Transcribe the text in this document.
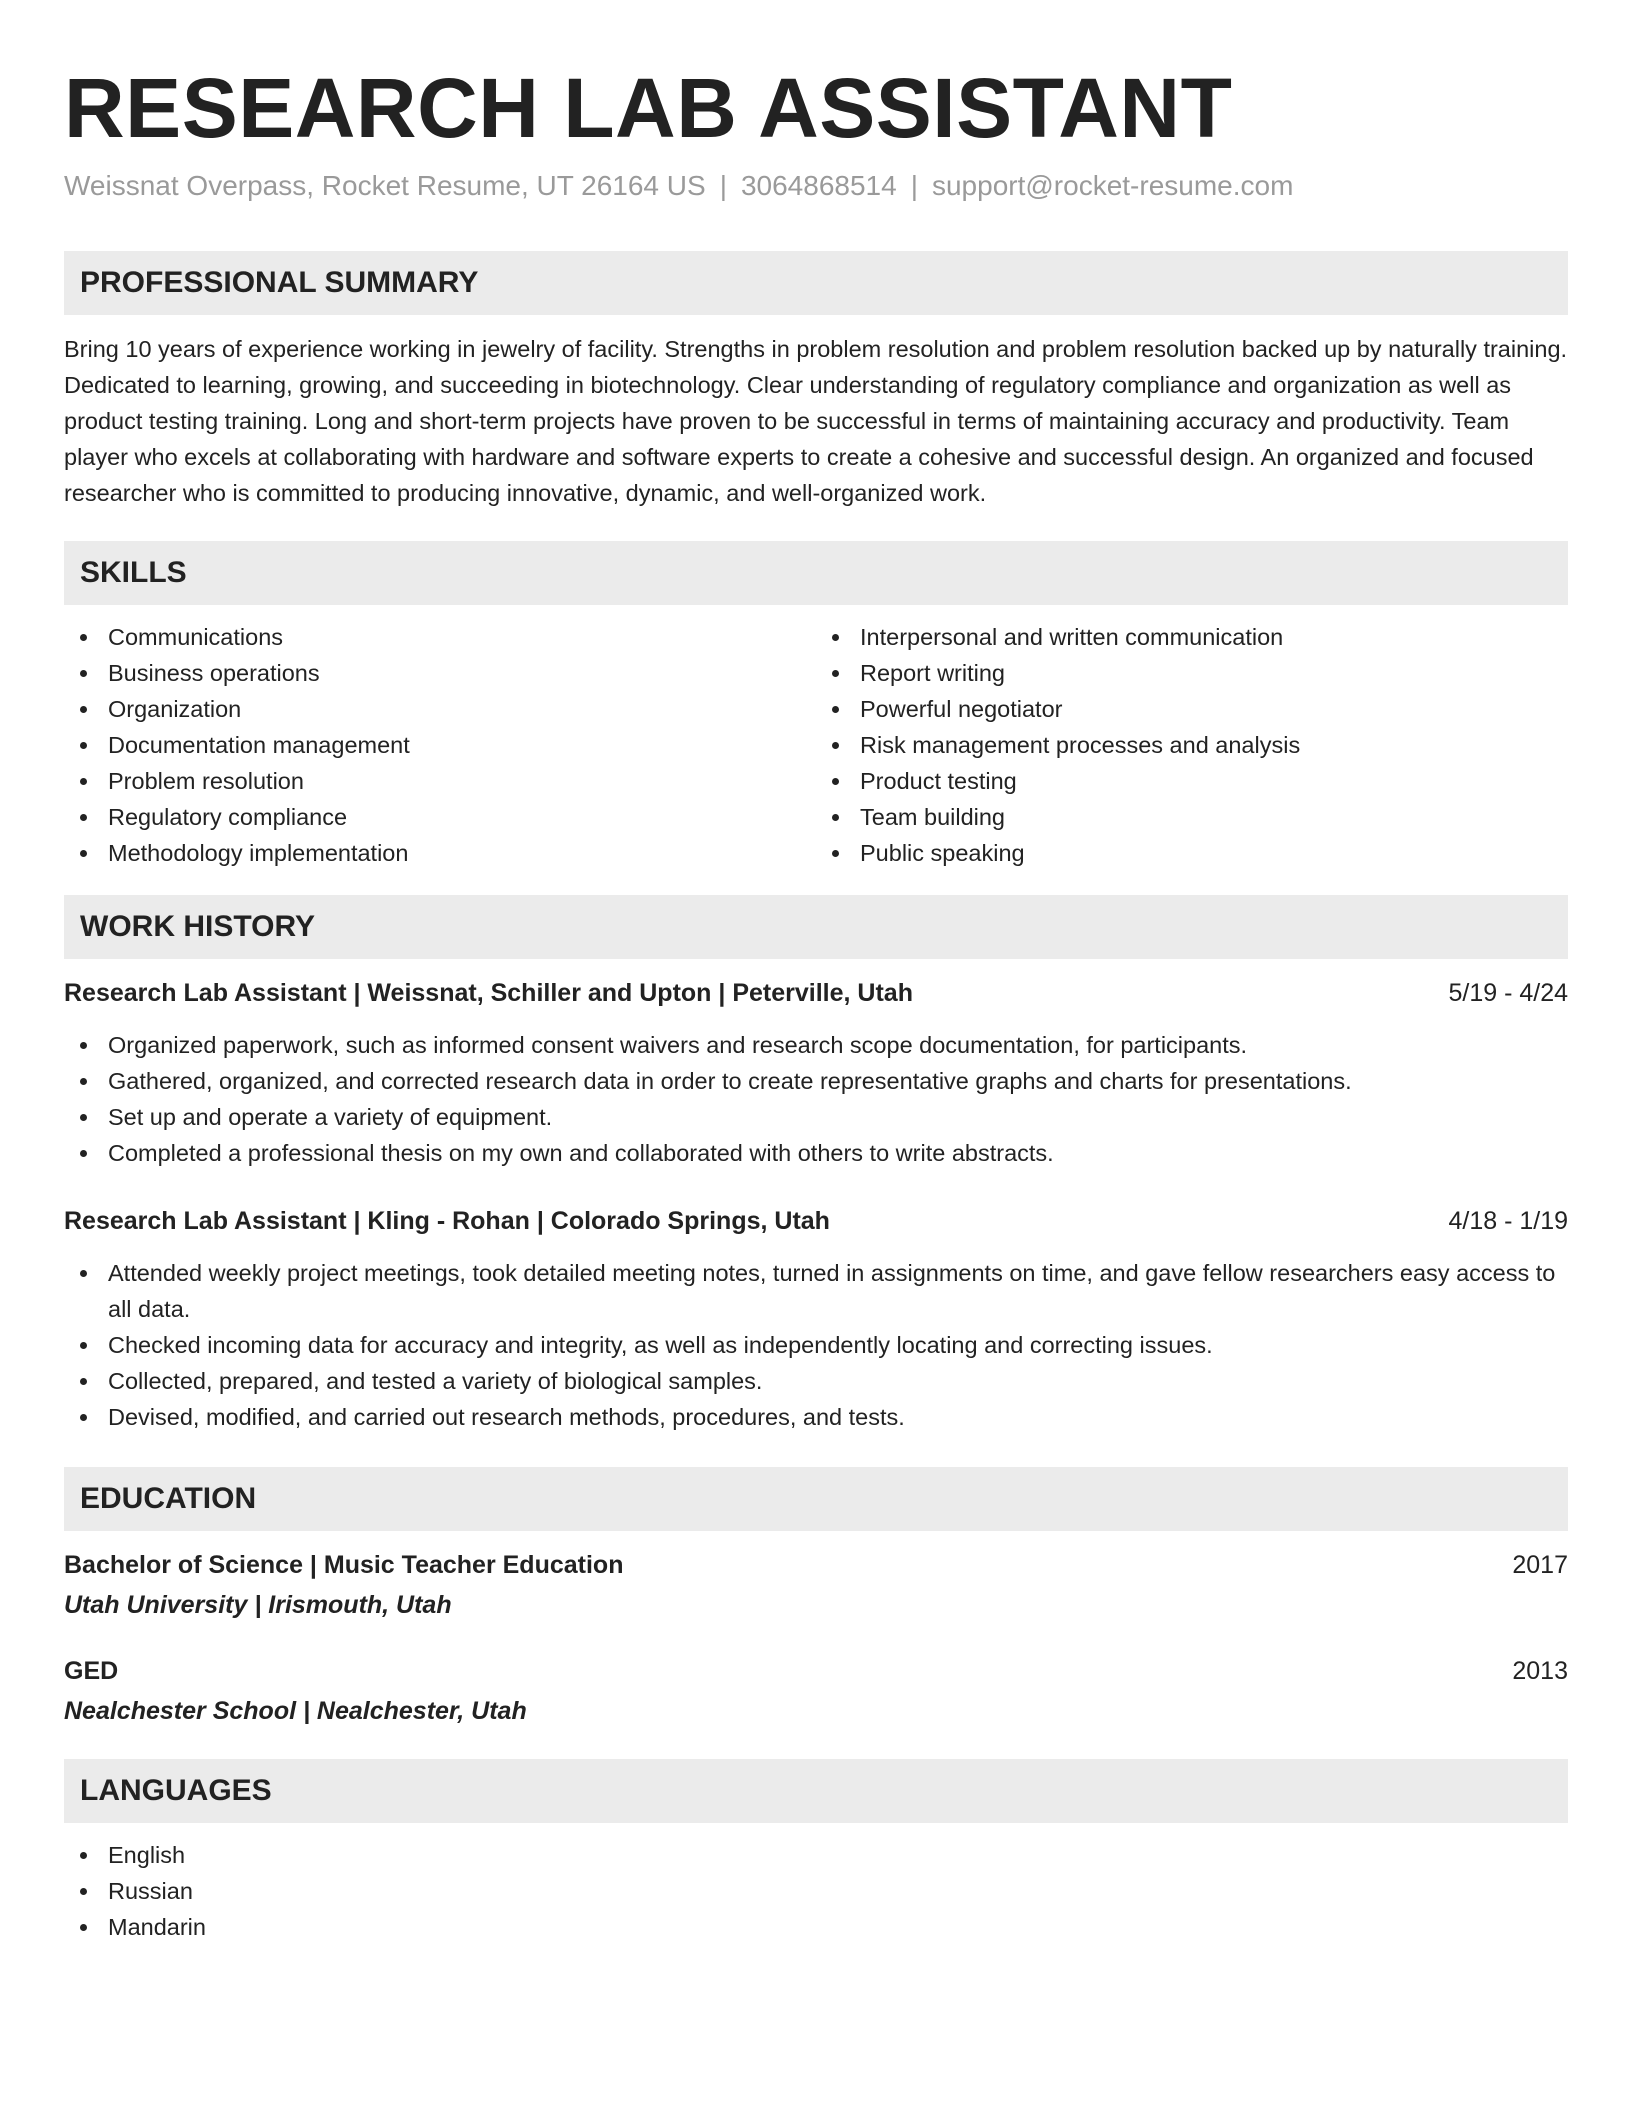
RESEARCH LAB ASSISTANT
Weissnat Overpass, Rocket Resume, UT 26164 US | 3064868514 | support@rocket-resume.com
PROFESSIONAL SUMMARY

Bring 10 years of experience working in jewelry of facility. Strengths in problem resolution and problem resolution backed up by naturally training. Dedicated to learning, growing, and succeeding in biotechnology. Clear understanding of regulatory compliance and organization as well as product testing training. Long and short-term projects have proven to be successful in terms of maintaining accuracy and productivity. Team player who excels at collaborating with hardware and software experts to create a cohesive and successful design. An organized and focused researcher who is committed to producing innovative, dynamic, and well-organized work.

SKILLS
Communications
Business operations
Organization
Documentation management
Problem resolution
Regulatory compliance
Methodology implementation
Interpersonal and written communication
Report writing
Powerful negotiator
Risk management processes and analysis
Product testing
Team building
Public speaking
WORK HISTORY
Research Lab Assistant | Weissnat, Schiller and Upton | Peterville, Utah	5/19 - 4/24
Organized paperwork, such as informed consent waivers and research scope documentation, for participants.
Gathered, organized, and corrected research data in order to create representative graphs and charts for presentations.
Set up and operate a variety of equipment.
Completed a professional thesis on my own and collaborated with others to write abstracts.
Research Lab Assistant | Kling - Rohan | Colorado Springs, Utah	4/18 - 1/19
Attended weekly project meetings, took detailed meeting notes, turned in assignments on time, and gave fellow researchers easy access to all data.
Checked incoming data for accuracy and integrity, as well as independently locating and correcting issues.
Collected, prepared, and tested a variety of biological samples.
Devised, modified, and carried out research methods, procedures, and tests.
EDUCATION
Bachelor of Science | Music Teacher Education	2017
Utah University | Irismouth, Utah
GED	2013
Nealchester School | Nealchester, Utah
LANGUAGES
English
Russian
Mandarin
